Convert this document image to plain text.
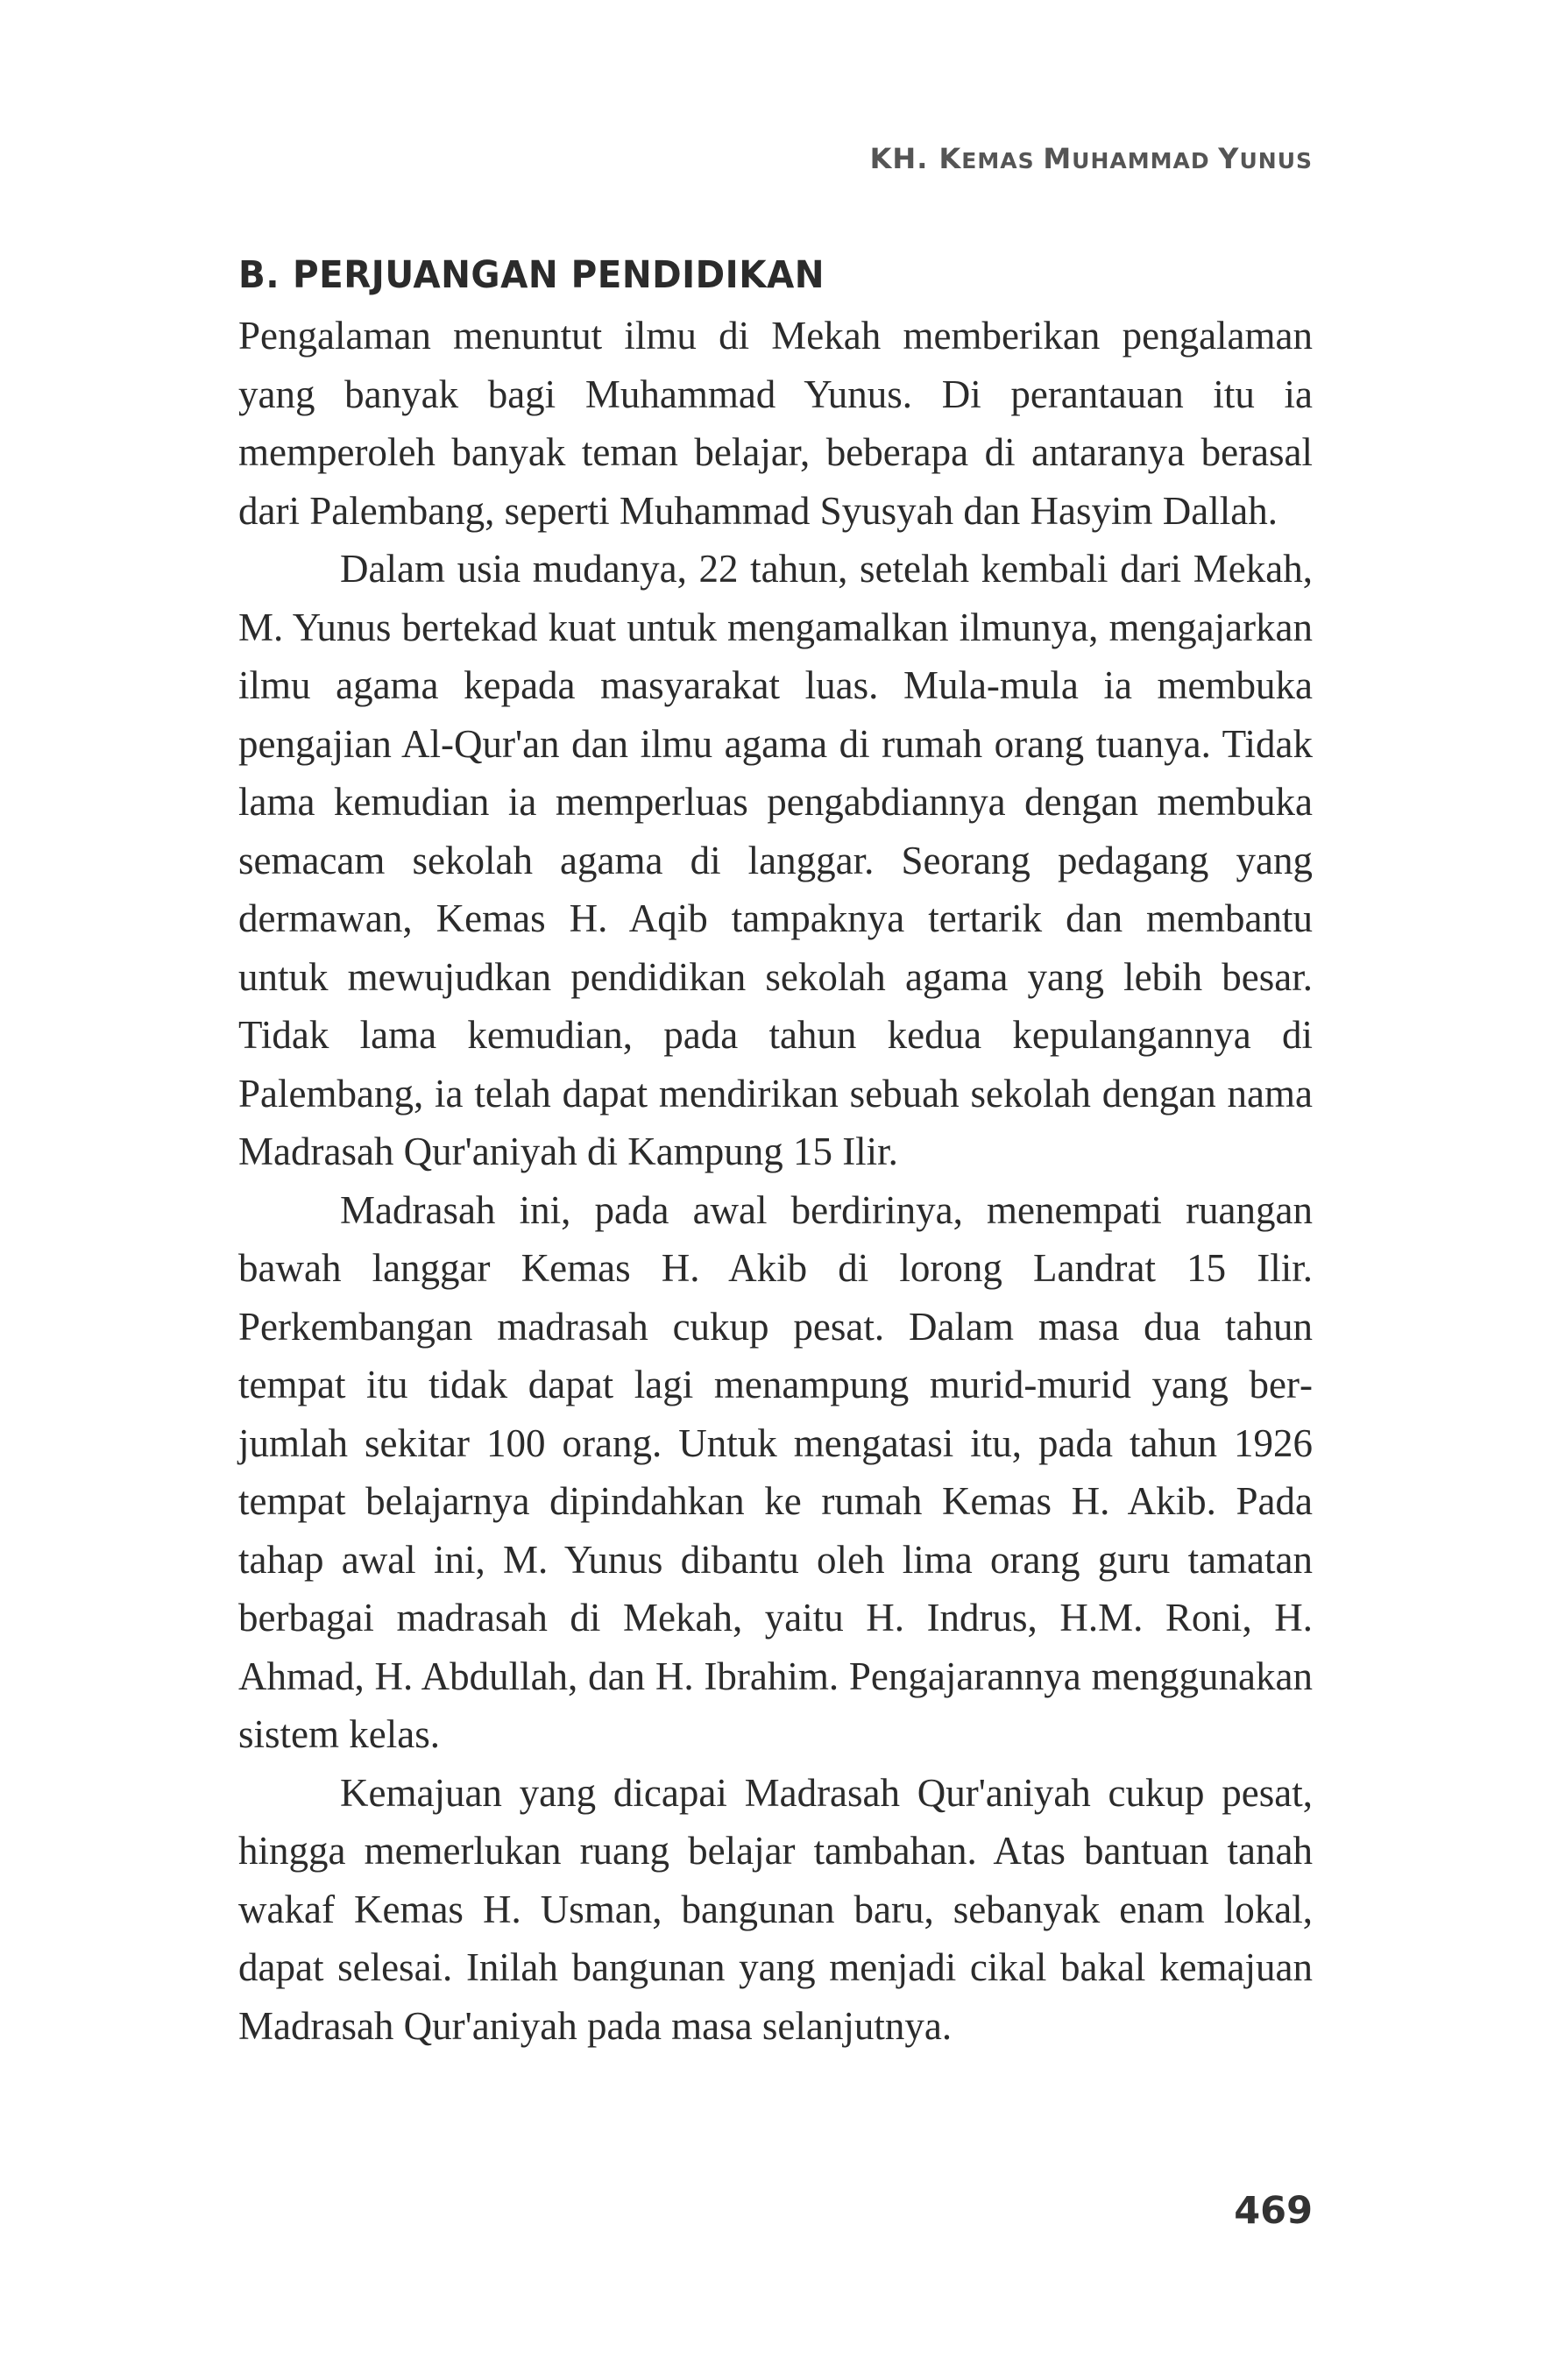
KH. KEMAS MUHAMMAD YUNUS
B. PERJUANGAN PENDIDIKAN

Pengalaman menuntut ilmu di Mekah memberikan pengalaman yang banyak bagi Muhammad Yunus. Di perantauan itu ia memperoleh banyak teman belajar, beberapa di antaranya berasal dari Palembang, seperti Muhammad Syusyah dan Hasyim Dallah.

Dalam usia mudanya, 22 tahun, setelah kembali dari Mekah, M. Yunus bertekad kuat untuk mengamalkan ilmunya, mengajarkan ilmu agama kepada masyarakat luas. Mula-mula ia membuka pengajian Al-Qur'an dan ilmu agama di rumah orang tuanya. Tidak lama kemudian ia memperluas pengabdiannya dengan membuka semacam sekolah agama di langgar. Seorang pedagang yang dermawan, Kemas H. Aqib tampaknya tertarik dan membantu untuk mewujudkan pendidikan sekolah agama yang lebih besar. Tidak lama kemudian, pada tahun kedua kepulangannya di Palembang, ia telah dapat mendirikan sebuah sekolah dengan nama Madrasah Qur'aniyah di Kampung 15 Ilir.

Madrasah ini, pada awal berdirinya, menempati ruangan bawah langgar Kemas H. Akib di lorong Landrat 15 Ilir. Perkembangan madrasah cukup pesat. Dalam masa dua tahun tempat itu tidak dapat lagi menampung murid-murid yang berjumlah sekitar 100 orang. Untuk mengatasi itu, pada tahun 1926 tempat belajarnya dipindahkan ke rumah Kemas H. Akib. Pada tahap awal ini, M. Yunus dibantu oleh lima orang guru tamatan berbagai madrasah di Mekah, yaitu H. Indrus, H.M. Roni, H. Ahmad, H. Abdullah, dan H. Ibrahim. Pengajarannya menggunakan sistem kelas.

Kemajuan yang dicapai Madrasah Qur'aniyah cukup pesat, hingga memerlukan ruang belajar tambahan. Atas bantuan tanah wakaf Kemas H. Usman, bangunan baru, sebanyak enam lokal, dapat selesai. Inilah bangunan yang menjadi cikal bakal kemajuan Madrasah Qur'aniyah pada masa selanjutnya.

469
